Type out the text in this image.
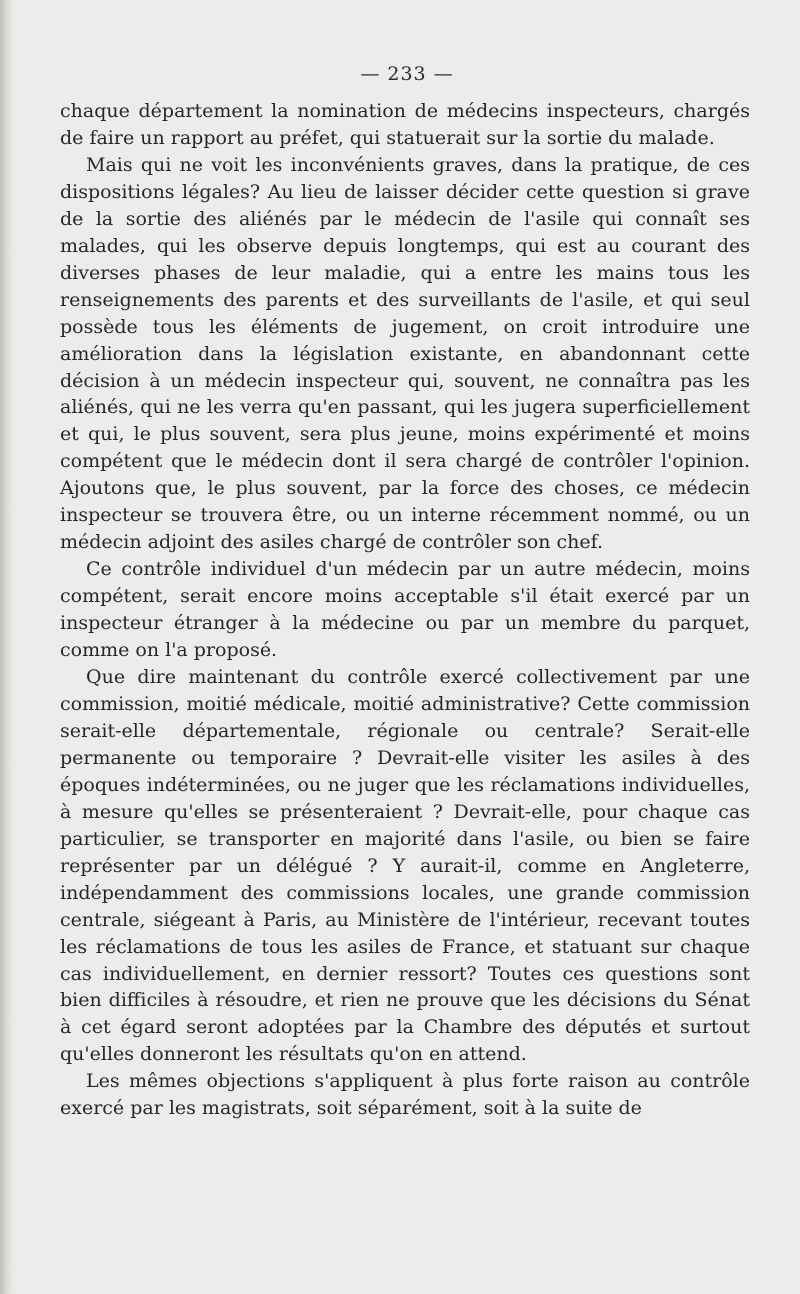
— 233 —

chaque département la nomination de médecins inspecteurs, chargés de faire un rapport au préfet, qui statuerait sur la sortie du malade.

Mais qui ne voit les inconvénients graves, dans la pratique, de ces dispositions légales? Au lieu de laisser décider cette question si grave de la sortie des aliénés par le médecin de l'asile qui connaît ses malades, qui les observe depuis longtemps, qui est au courant des diverses phases de leur maladie, qui a entre les mains tous les renseignements des parents et des surveillants de l'asile, et qui seul possède tous les éléments de jugement, on croit introduire une amélioration dans la législation existante, en abandonnant cette décision à un médecin inspecteur qui, souvent, ne connaîtra pas les aliénés, qui ne les verra qu'en passant, qui les jugera superficiellement et qui, le plus souvent, sera plus jeune, moins expérimenté et moins compétent que le médecin dont il sera chargé de contrôler l'opinion. Ajoutons que, le plus souvent, par la force des choses, ce médecin inspecteur se trouvera être, ou un interne récemment nommé, ou un médecin adjoint des asiles chargé de contrôler son chef.

Ce contrôle individuel d'un médecin par un autre médecin, moins compétent, serait encore moins acceptable s'il était exercé par un inspecteur étranger à la médecine ou par un membre du parquet, comme on l'a proposé.

Que dire maintenant du contrôle exercé collectivement par une commission, moitié médicale, moitié administrative? Cette commission serait-elle départementale, régionale ou centrale? Serait-elle permanente ou temporaire ? Devrait-elle visiter les asiles à des époques indéterminées, ou ne juger que les réclamations individuelles, à mesure qu'elles se présenteraient ? Devrait-elle, pour chaque cas particulier, se transporter en majorité dans l'asile, ou bien se faire représenter par un délégué ? Y aurait-il, comme en Angleterre, indépendamment des commissions locales, une grande commission centrale, siégeant à Paris, au Ministère de l'intérieur, recevant toutes les réclamations de tous les asiles de France, et statuant sur chaque cas individuellement, en dernier ressort? Toutes ces questions sont bien difficiles à résoudre, et rien ne prouve que les décisions du Sénat à cet égard seront adoptées par la Chambre des députés et surtout qu'elles donneront les résultats qu'on en attend.

Les mêmes objections s'appliquent à plus forte raison au contrôle exercé par les magistrats, soit séparément, soit à la suite de
